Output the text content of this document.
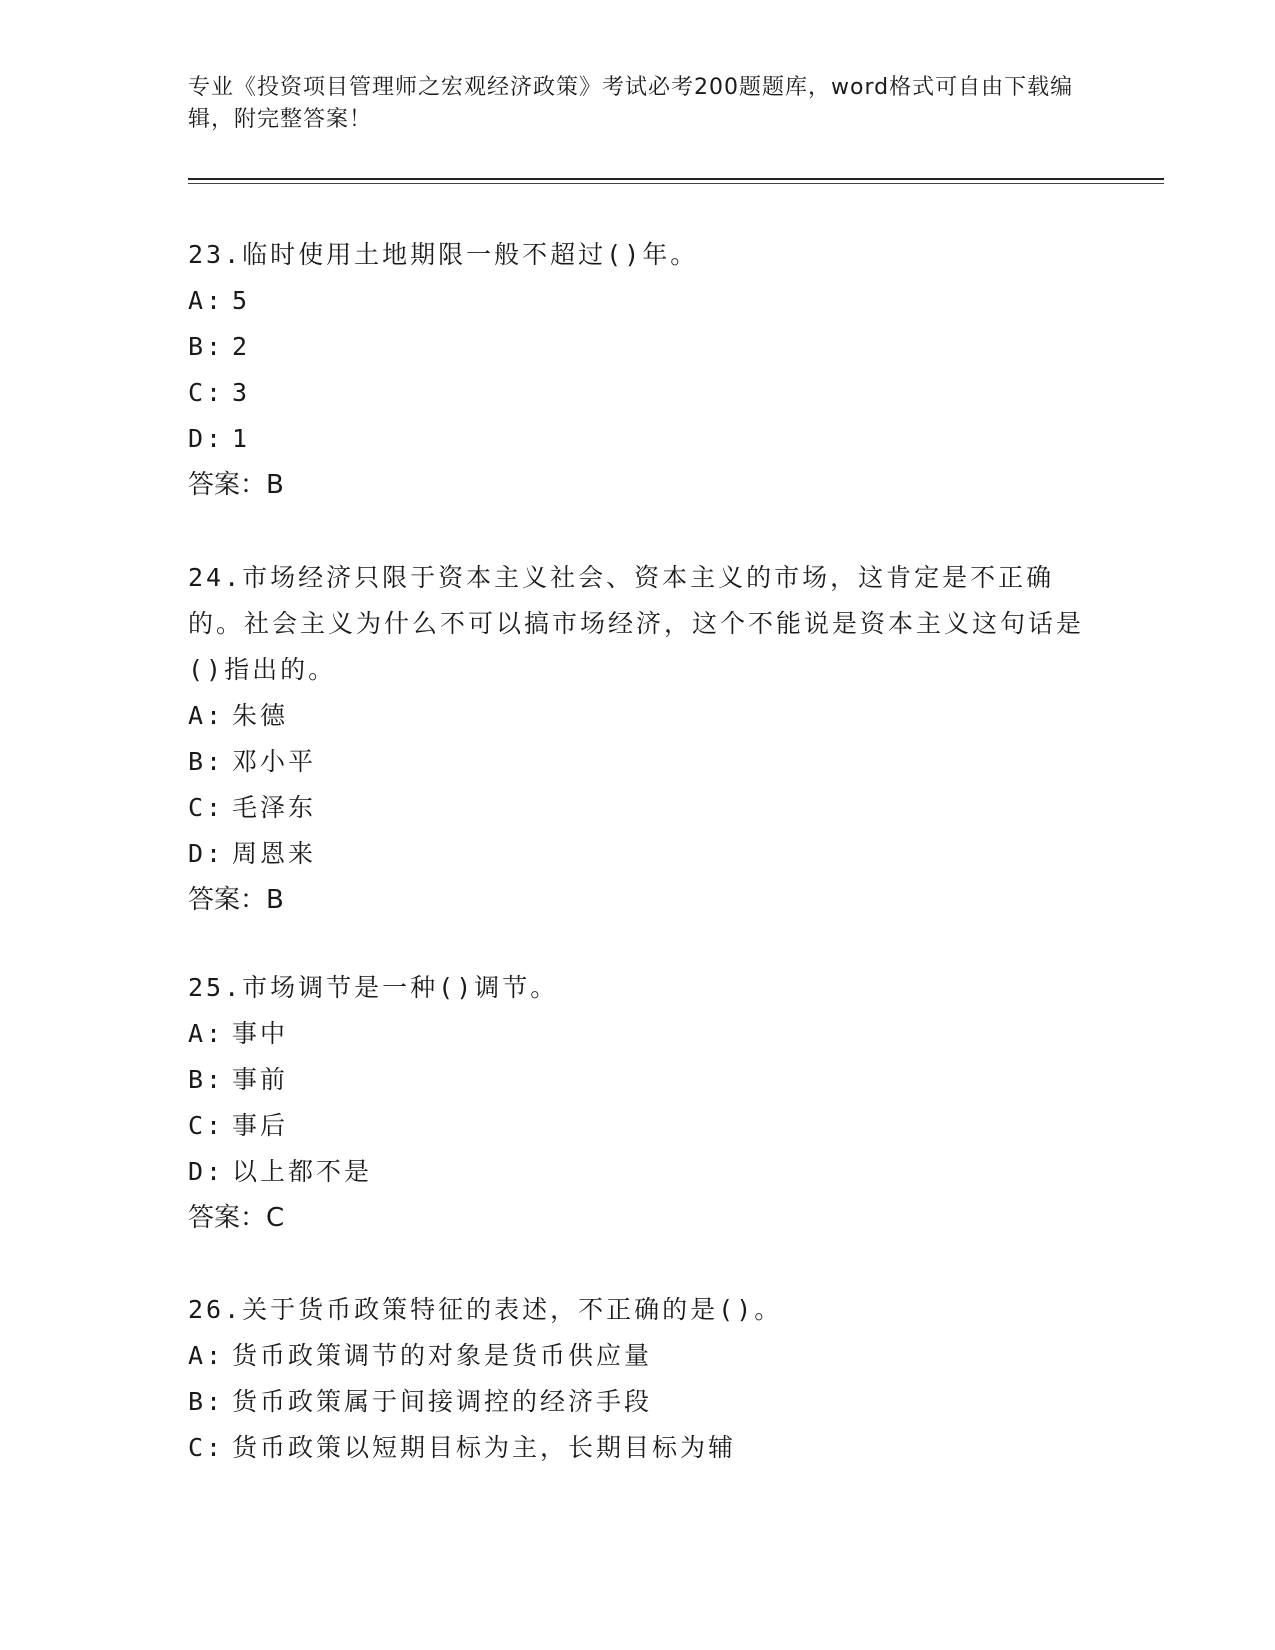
专业《投资项目管理师之宏观经济政策》考试必考200题题库，word格式可自由下载编辑，附完整答案！

23.临时使用土地期限一般不超过()年。

A: 5

B: 2

C: 3

D: 1

答案：B

24.市场经济只限于资本主义社会、资本主义的市场，这肯定是不正确的。社会主义为什么不可以搞市场经济，这个不能说是资本主义这句话是()指出的。

A: 朱德

B: 邓小平

C: 毛泽东

D: 周恩来

答案：B

25.市场调节是一种()调节。

A: 事中

B: 事前

C: 事后

D: 以上都不是

答案：C

26.关于货币政策特征的表述，不正确的是()。

A: 货币政策调节的对象是货币供应量

B: 货币政策属于间接调控的经济手段

C: 货币政策以短期目标为主，长期目标为辅
